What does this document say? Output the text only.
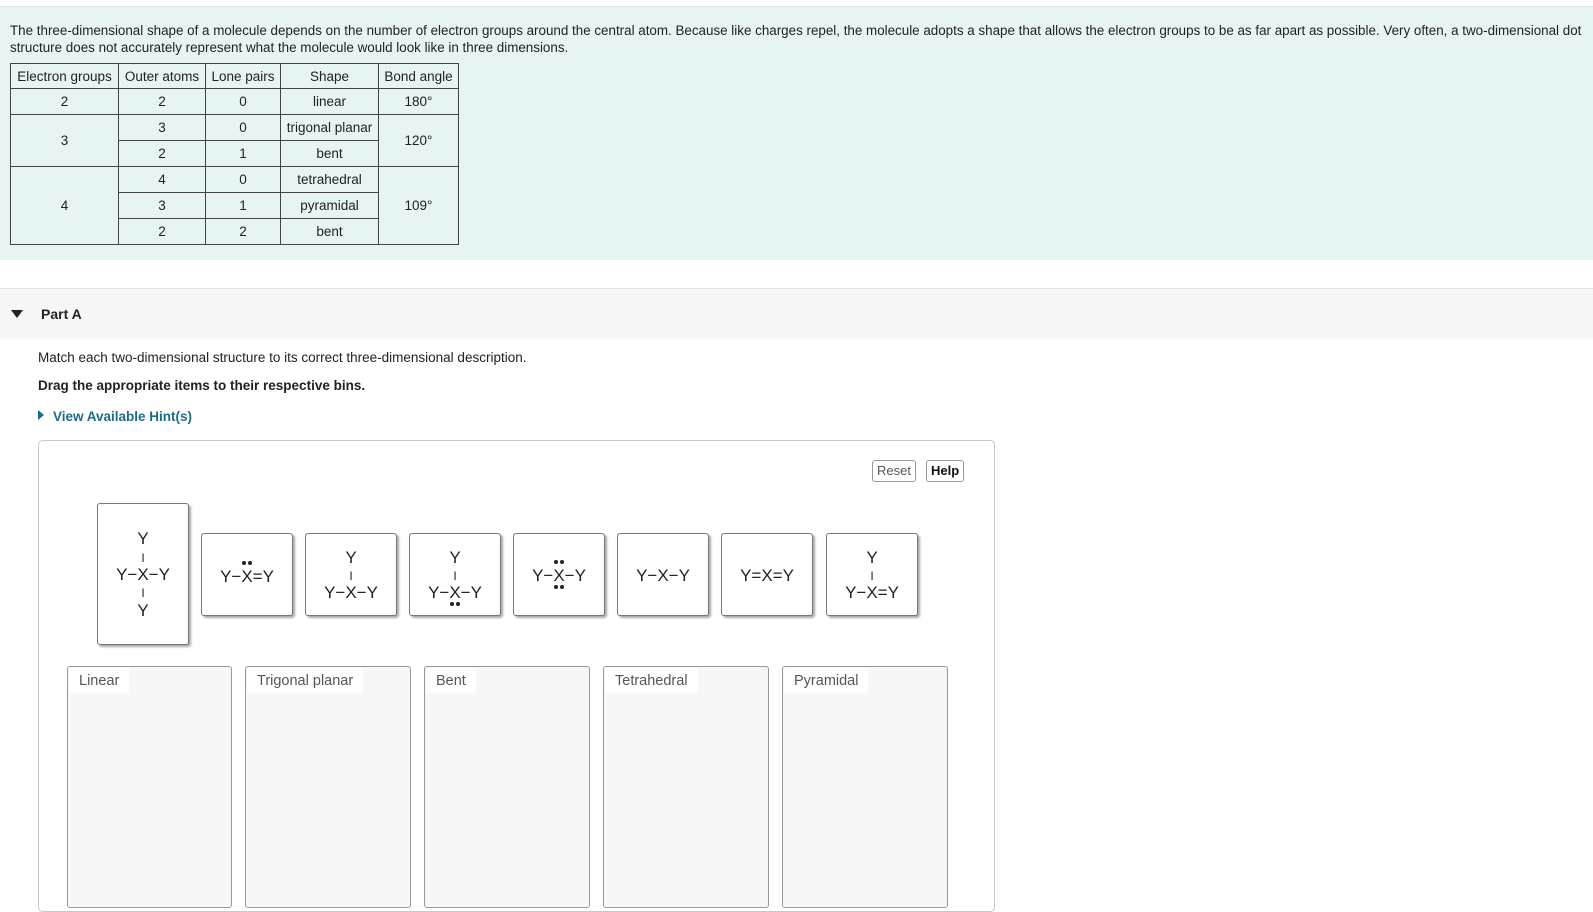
The three-dimensional shape of a molecule depends on the number of electron groups around the central atom. Because like charges repel, the molecule adopts a shape that allows the electron groups to be as far apart as possible. Very often, a two-dimensional dot structure does not accurately represent what the molecule would look like in three dimensions.
Electron groups	Outer atoms	Lone pairs	Shape	Bond angle
2	2	0	linear	180°
3	3	0	trigonal planar	120°
	2	1	bent	
4	4	0	tetrahedral	109°
	3	1	pyramidal	
	2	2	bent	
Part A
Match each two-dimensional structure to its correct three-dimensional description.
Drag the appropriate items to their respective bins.
View Available Hint(s)
Reset	Help
Y
I
Y−X−Y
I
Y
Y−X=Y
Y
I
Y−X−Y
Y
I
Y−X−Y
Y−X−Y	Y−X−Y	Y=X=Y
Y
I
Y−X=Y
Linear	Trigonal planar	Bent	Tetrahedral	Pyramidal
